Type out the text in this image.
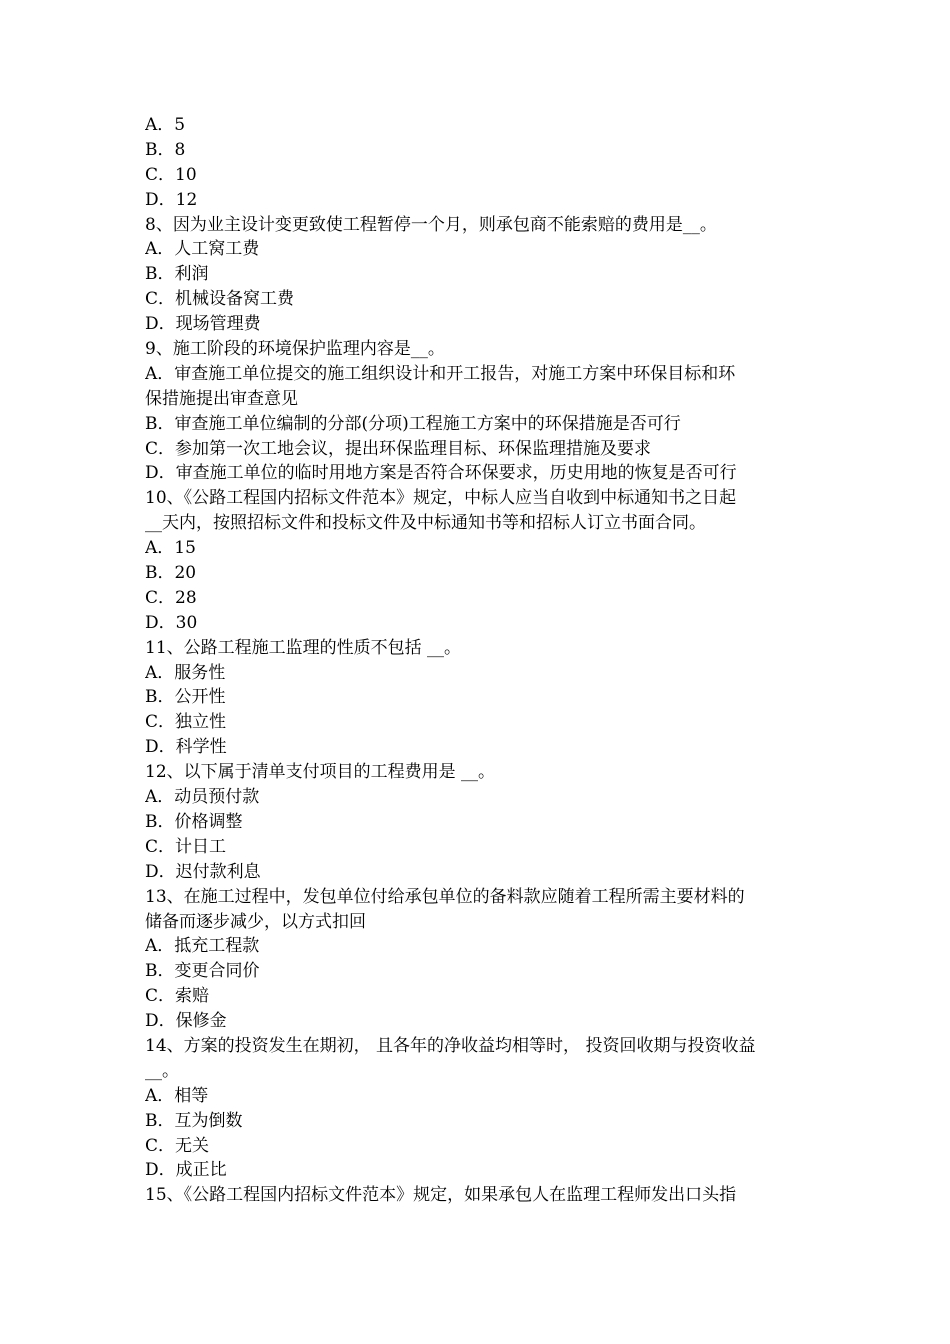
A．5
B．8
C．10
D．12
8、因为业主设计变更致使工程暂停一个月，则承包商不能索赔的费用是__。
A．人工窝工费
B．利润
C．机械设备窝工费
D．现场管理费
9、施工阶段的环境保护监理内容是__。
A．审查施工单位提交的施工组织设计和开工报告，对施工方案中环保目标和环
保措施提出审查意见
B．审查施工单位编制的分部(分项)工程施工方案中的环保措施是否可行
C．参加第一次工地会议，提出环保监理目标、环保监理措施及要求
D．审查施工单位的临时用地方案是否符合环保要求，历史用地的恢复是否可行
10、《公路工程国内招标文件范本》规定，中标人应当自收到中标通知书之日起
__天内，按照招标文件和投标文件及中标通知书等和招标人订立书面合同。
A．15
B．20
C．28
D．30
11、公路工程施工监理的性质不包括 __。
A．服务性
B．公开性
C．独立性
D．科学性
12、以下属于清单支付项目的工程费用是 __。
A．动员预付款
B．价格调整
C．计日工
D．迟付款利息
13、在施工过程中，发包单位付给承包单位的备料款应随着工程所需主要材料的
储备而逐步减少，以方式扣回
A．抵充工程款
B．变更合同价
C．索赔
D．保修金
14、方案的投资发生在期初， 且各年的净收益均相等时， 投资回收期与投资收益
__。
A．相等
B．互为倒数
C．无关
D．成正比
15、《公路工程国内招标文件范本》规定，如果承包人在监理工程师发出口头指
